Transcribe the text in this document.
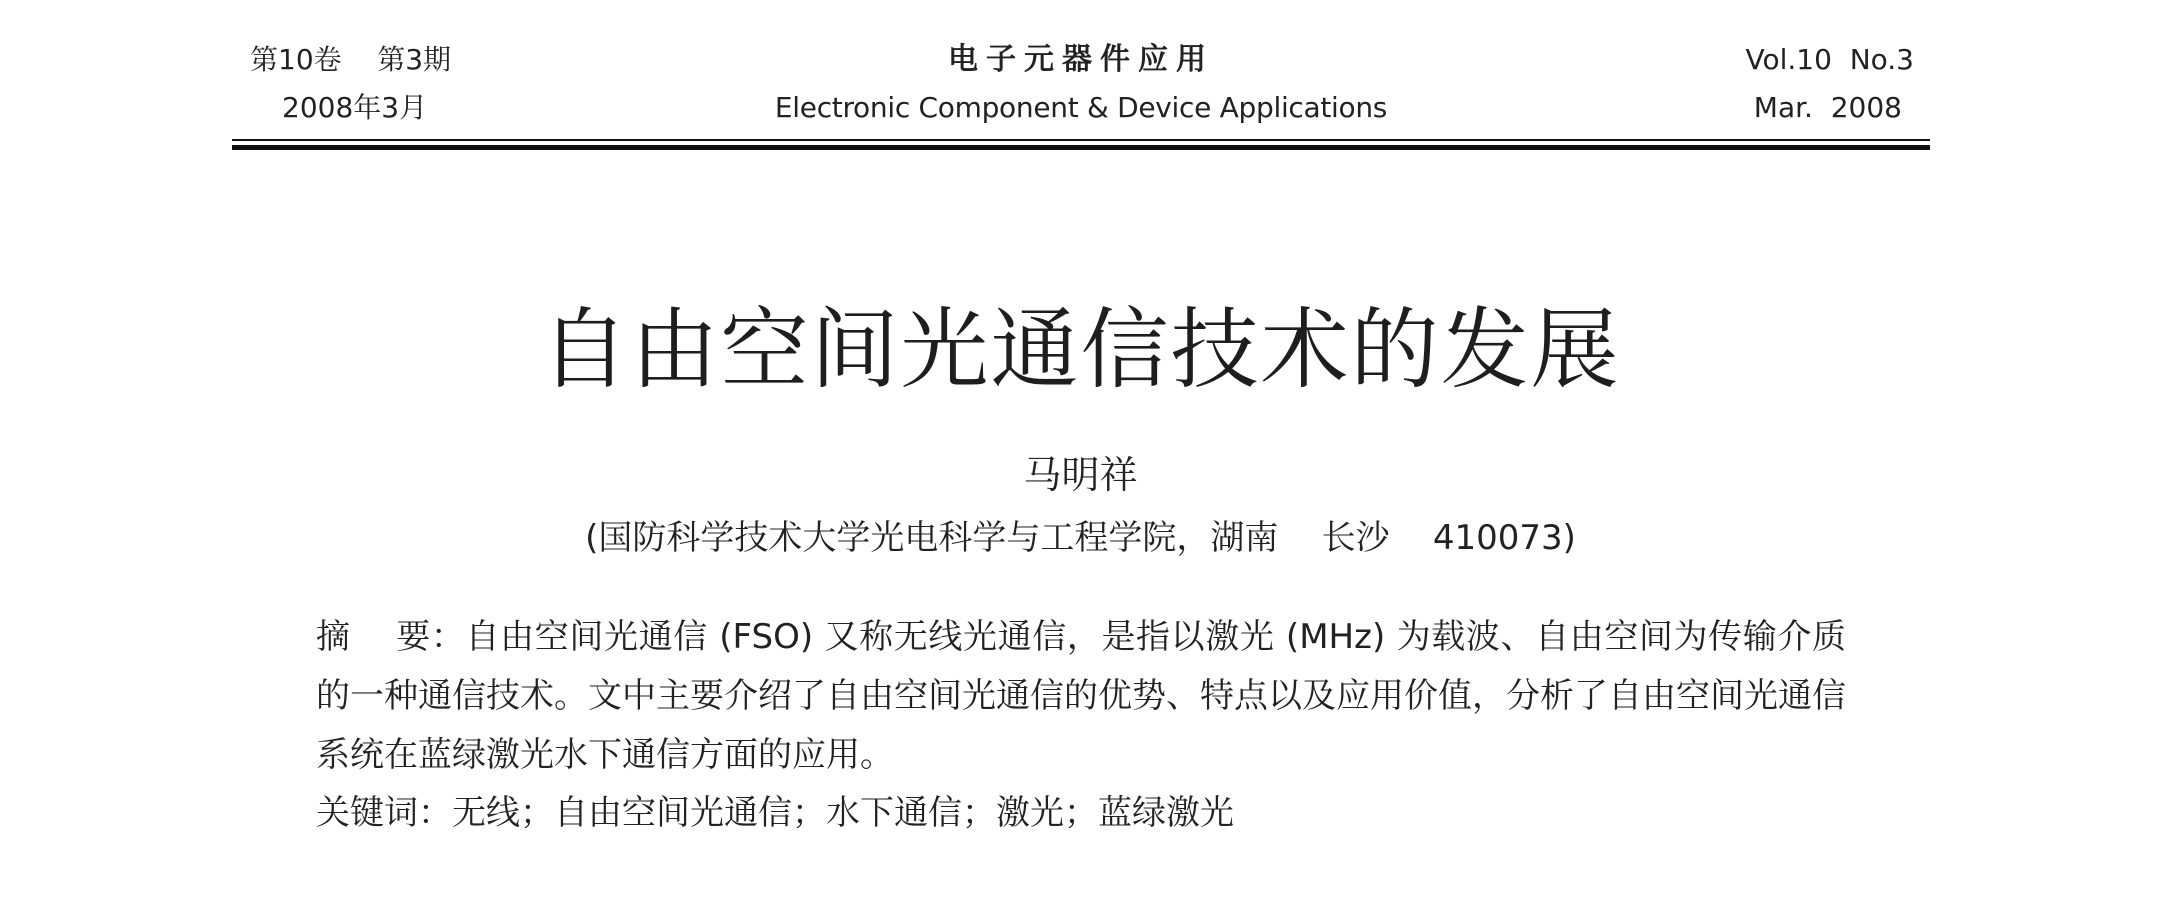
第10卷    第3期
2008年3月
电子元器件应用
Electronic Component & Device Applications
Vol.10  No.3
Mar.  2008
自由空间光通信技术的发展
马明祥
(国防科学技术大学光电科学与工程学院，湖南    长沙    410073)
摘    要：自由空间光通信 (FSO) 又称无线光通信，是指以激光 (MHz) 为载波、自由空间为传输介质的一种通信技术。文中主要介绍了自由空间光通信的优势、特点以及应用价值，分析了自由空间光通信系统在蓝绿激光水下通信方面的应用。
关键词：无线；自由空间光通信；水下通信；激光；蓝绿激光
